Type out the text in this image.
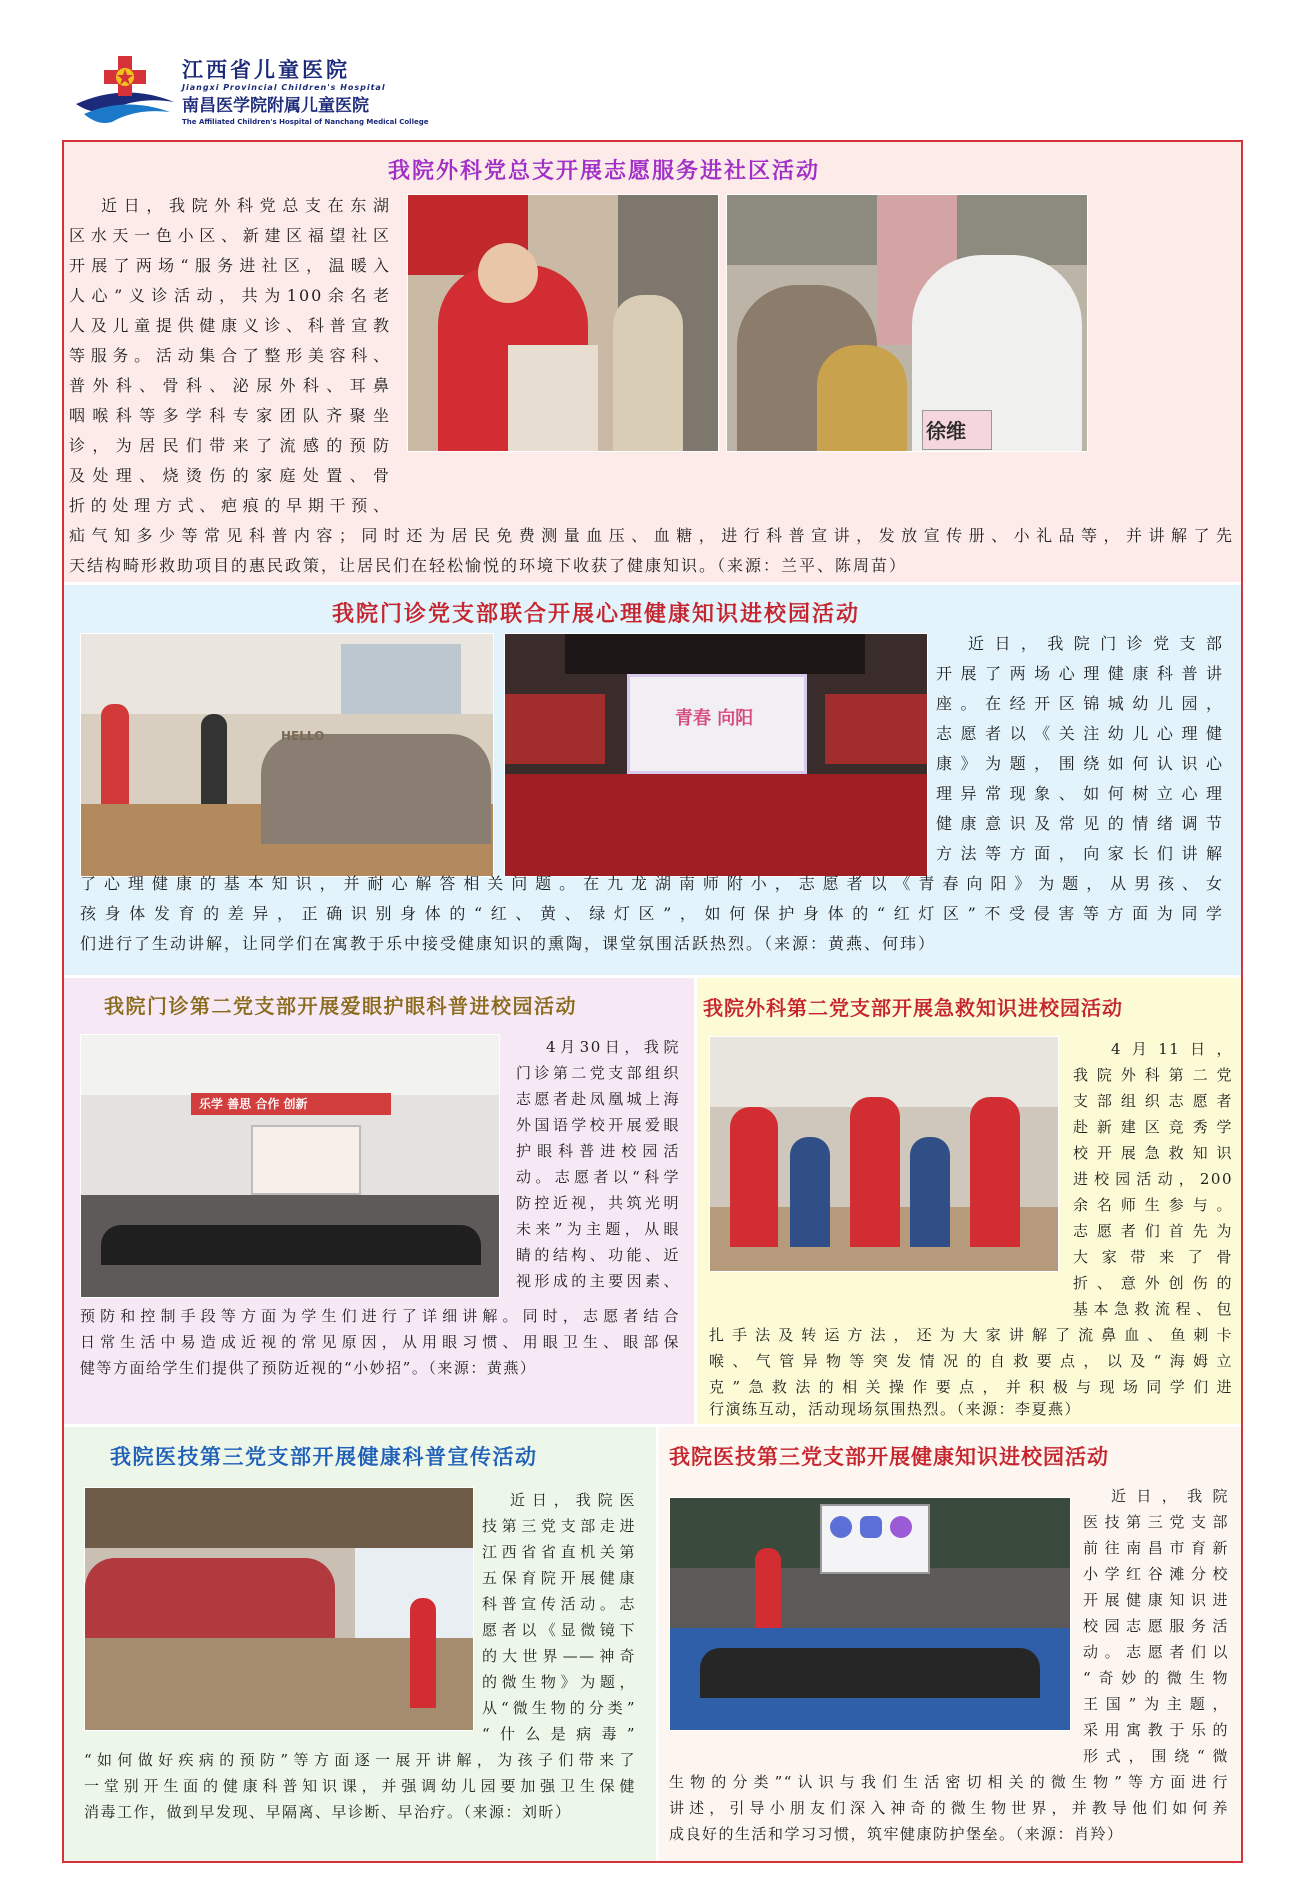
江西省儿童医院
Jiangxi Provincial Children's Hospital
南昌医学院附属儿童医院
The Affiliated Children's Hospital of Nanchang Medical College
我院外科党总支开展志愿服务进社区活动
徐维
近日，我院外科党总支在东湖
区水天一色小区、新建区福望社区
开展了两场“服务进社区，温暖入
人心”义诊活动，共为100余名老
人及儿童提供健康义诊、科普宣教
等服务。活动集合了整形美容科、
普外科、骨科、泌尿外科、耳鼻
咽喉科等多学科专家团队齐聚坐
诊，为居民们带来了流感的预防
及处理、烧烫伤的家庭处置、骨
折的处理方式、疤痕的早期干预、
疝气知多少等常见科普内容；同时还为居民免费测量血压、血糖，进行科普宣讲，发放宣传册、小礼品等，并讲解了先
天结构畸形救助项目的惠民政策，让居民们在轻松愉悦的环境下收获了健康知识。（来源：兰平、陈周苗）
我院门诊党支部联合开展心理健康知识进校园活动
HELLO
青春 向阳
近日，我院门诊党支部
开展了两场心理健康科普讲
座。在经开区锦城幼儿园，
志愿者以《关注幼儿心理健
康》为题，围绕如何认识心
理异常现象、如何树立心理
健康意识及常见的情绪调节
方法等方面，向家长们讲解
了心理健康的基本知识，并耐心解答相关问题。在九龙湖南师附小，志愿者以《青春向阳》为题，从男孩、女
孩身体发育的差异，正确识别身体的“红、黄、绿灯区”，如何保护身体的“红灯区”不受侵害等方面为同学
们进行了生动讲解，让同学们在寓教于乐中接受健康知识的熏陶，课堂氛围活跃热烈。（来源：黄燕、何玮）
我院门诊第二党支部开展爱眼护眼科普进校园活动
乐学 善思 合作 创新
4月30日，我院
门诊第二党支部组织
志愿者赴凤凰城上海
外国语学校开展爱眼
护眼科普进校园活
动。志愿者以“科学
防控近视，共筑光明
未来”为主题，从眼
睛的结构、功能、近
视形成的主要因素、
预防和控制手段等方面为学生们进行了详细讲解。同时，志愿者结合
日常生活中易造成近视的常见原因，从用眼习惯、用眼卫生、眼部保
健等方面给学生们提供了预防近视的“小妙招”。（来源：黄燕）
我院外科第二党支部开展急救知识进校园活动
4月11日，
我院外科第二党
支部组织志愿者
赴新建区竞秀学
校开展急救知识
进校园活动，200
余名师生参与。
志愿者们首先为
大家带来了骨
折、意外创伤的
基本急救流程、包
扎手法及转运方法，还为大家讲解了流鼻血、鱼刺卡
喉、气管异物等突发情况的自救要点，以及“海姆立
克”急救法的相关操作要点，并积极与现场同学们进
行演练互动，活动现场氛围热烈。（来源：李夏燕）
我院医技第三党支部开展健康科普宣传活动
近日，我院医
技第三党支部走进
江西省省直机关第
五保育院开展健康
科普宣传活动。志
愿者以《显微镜下
的大世界——神奇
的微生物》为题，
从“微生物的分类”
“什么是病毒”
“如何做好疾病的预防”等方面逐一展开讲解，为孩子们带来了
一堂别开生面的健康科普知识课，并强调幼儿园要加强卫生保健
消毒工作，做到早发现、早隔离、早诊断、早治疗。（来源：刘昕）
我院医技第三党支部开展健康知识进校园活动
近日，我院
医技第三党支部
前往南昌市育新
小学红谷滩分校
开展健康知识进
校园志愿服务活
动。志愿者们以
“奇妙的微生物
王国”为主题，
采用寓教于乐的
形式，围绕“微
生物的分类”“认识与我们生活密切相关的微生物”等方面进行
讲述，引导小朋友们深入神奇的微生物世界，并教导他们如何养
成良好的生活和学习习惯，筑牢健康防护堡垒。（来源：肖羚）
